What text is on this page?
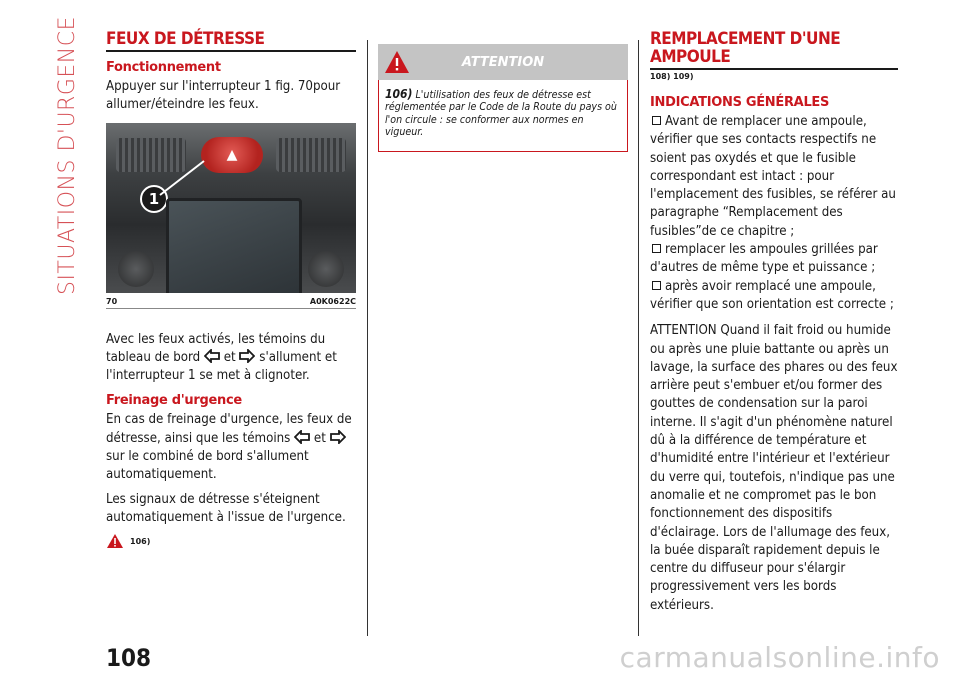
SITUATIONS D'URGENCE FEUX DE DÉTRESSE
Fonctionnement

Appuyer sur l'interrupteur 1 fig. 70pour allumer/éteindre les feux.

▲
1
70	A0K0622C

Avec les feux activés, les témoins du tableau de bord et s'allument et l'interrupteur 1 se met à clignoter.

Freinage d'urgence

En cas de freinage d'urgence, les feux de détresse, ainsi que les témoins et  sur le combiné de bord s'allument automatiquement.

Les signaux de détresse s'éteignent automatiquement à l'issue de l'urgence.

106)
ATTENTION
106) L'utilisation des feux de détresse est réglementée par le Code de la Route du pays où l'on circule : se conformer aux normes en vigueur.
REMPLACEMENT D'UNE
AMPOULE
108) 109)
INDICATIONS GÉNÉRALES

Avant de remplacer une ampoule, vérifier que ses contacts respectifs ne soient pas oxydés et que le fusible correspondant est intact : pour l'emplacement des fusibles, se référer au paragraphe “Remplacement des fusibles”de ce chapitre ;

remplacer les ampoules grillées par d'autres de même type et puissance ;

après avoir remplacé une ampoule, vérifier que son orientation est correcte ;

ATTENTION Quand il fait froid ou humide ou après une pluie battante ou après un lavage, la surface des phares ou des feux arrière peut s'embuer et/ou former des gouttes de condensation sur la paroi interne. Il s'agit d'un phénomène naturel dû à la différence de température et d'humidité entre l'intérieur et l'extérieur du verre qui, toutefois, n'indique pas une anomalie et ne compromet pas le bon fonctionnement des dispositifs d'éclairage. Lors de l'allumage des feux, la buée disparaît rapidement depuis le centre du diffuseur pour s'élargir progressivement vers les bords extérieurs.

108	carmanualsonline.info
